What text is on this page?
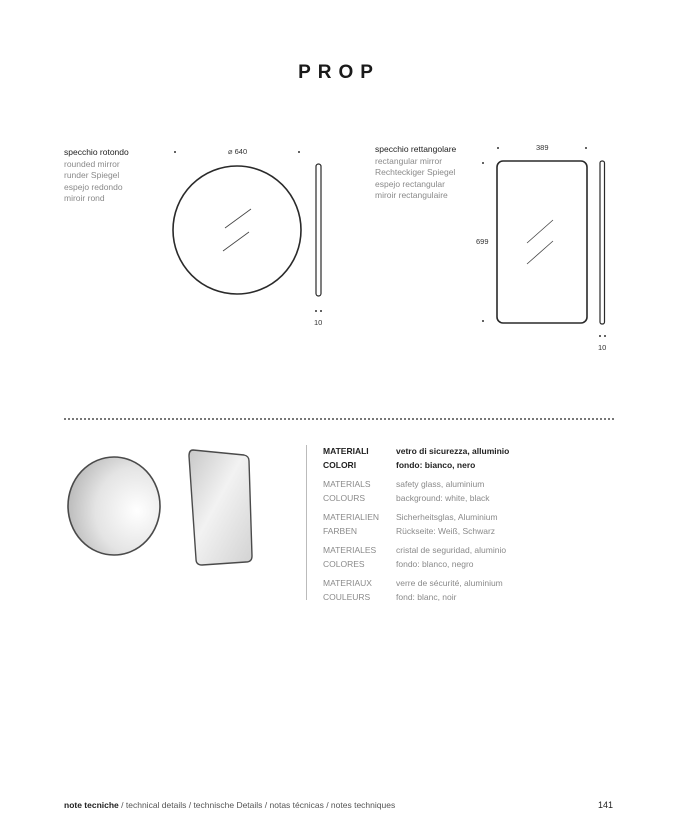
PROP
specchio rotondo
rounded mirror
runder Spiegel
espejo redondo
miroir rond
⌀ 640
10
specchio rettangolare
rectangular mirror
Rechteckiger Spiegel
espejo rectangular
miroir rectangulaire
389
699
10
MATERIALI	vetro di sicurezza, alluminio
COLORI	fondo: bianco, nero
MATERIALS	safety glass, aluminium
COLOURS	background: white, black
MATERIALIEN	Sicherheitsglas, Aluminium
FARBEN	Rückseite: Weiß, Schwarz
MATERIALES	cristal de seguridad, aluminio
COLORES	fondo: blanco, negro
MATERIAUX	verre de sécurité, aluminium
COULEURS	fond: blanc, noir
note tecniche / technical details / technische Details / notas técnicas / notes techniques	141
